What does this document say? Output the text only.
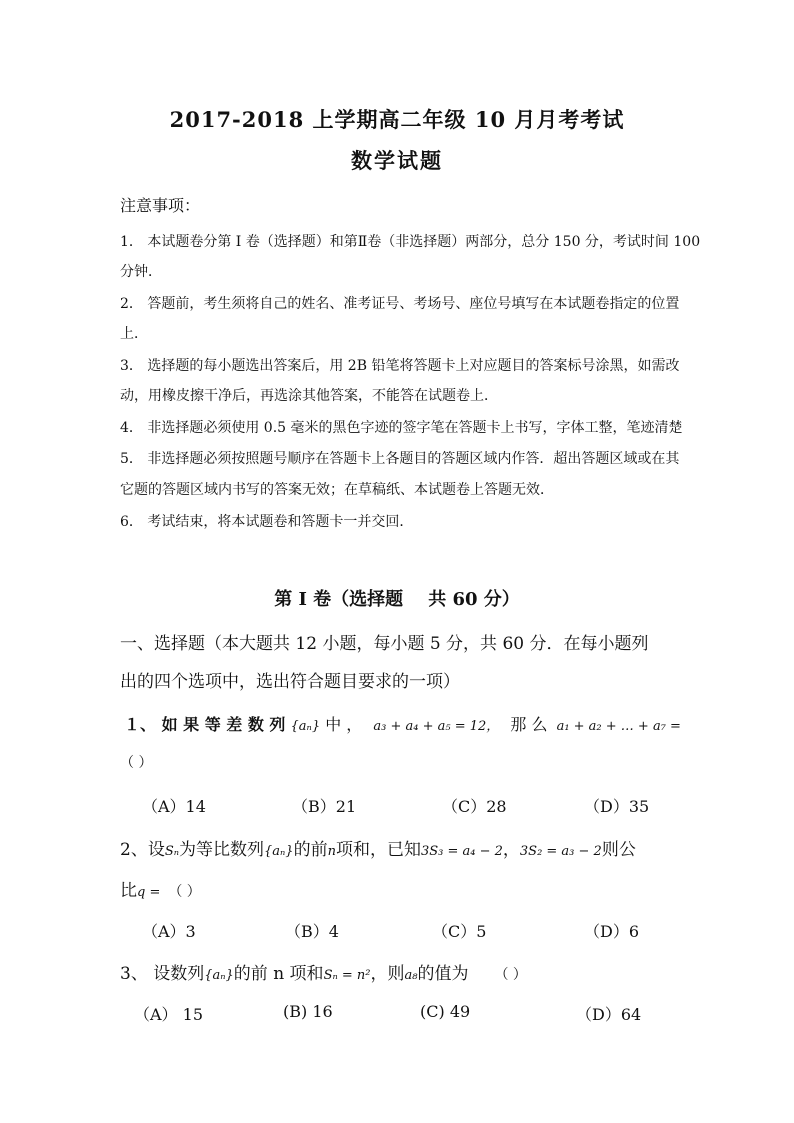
2017-2018 上学期高二年级 10 月月考考试
数学试题
注意事项：
1． 本试题卷分第 I 卷（选择题）和第Ⅱ卷（非选择题）两部分，总分 150 分，考试时间 100
分钟．
2． 答题前，考生须将自己的姓名、准考证号、考场号、座位号填写在本试题卷指定的位置
上．
3． 选择题的每小题选出答案后，用 2B 铅笔将答题卡上对应题目的答案标号涂黑，如需改
动，用橡皮擦干净后，再选涂其他答案，不能答在试题卷上．
4． 非选择题必须使用 0.5 毫米的黑色字迹的签字笔在答题卡上书写，字体工整，笔迹清楚
5． 非选择题必须按照题号顺序在答题卡上各题目的答题区域内作答．超出答题区域或在其
它题的答题区域内书写的答案无效；在草稿纸、本试题卷上答题无效．
6． 考试结束，将本试题卷和答题卡一并交回．
第 I 卷（选择题    共 60 分）
一、选择题（本大题共 12 小题，每小题 5 分，共 60 分．在每小题列
出的四个选项中，选出符合题目要求的一项）
１、 如 果 等 差 数 列 {aₙ} 中 ， a₃ + a₄ + a₅ = 12， 那 么 a₁ + a₂ + … + a₇ =
（ ）
（A）14	（B）21	（C）28	（D）35
2、设Sₙ为等比数列{aₙ}的前n项和，已知3S₃ = a₄ − 2，3S₂ = a₃ − 2则公
比q = （ ）
（A）3	（B）4	（C）5	（D）6
3、 设数列{aₙ}的前 n 项和Sₙ = n²，则a₈的值为 （ ）
（A） 15	(B) 16	(C) 49	（D）64
